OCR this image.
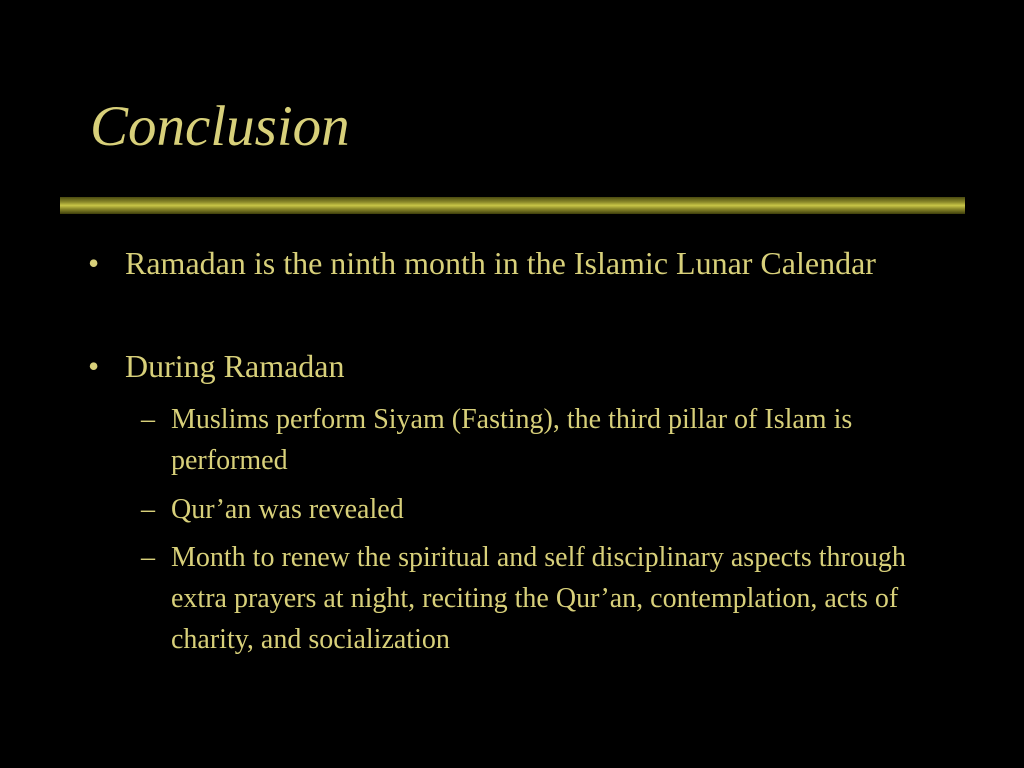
Conclusion
• Ramadan is the ninth month in the Islamic Lunar Calendar
• During Ramadan
– Muslims perform Siyam (Fasting), the third pillar of Islam is performed
– Qur’an was revealed
– Month to renew the spiritual and self disciplinary aspects through extra prayers at night, reciting the Qur’an, contemplation, acts of charity, and socialization
